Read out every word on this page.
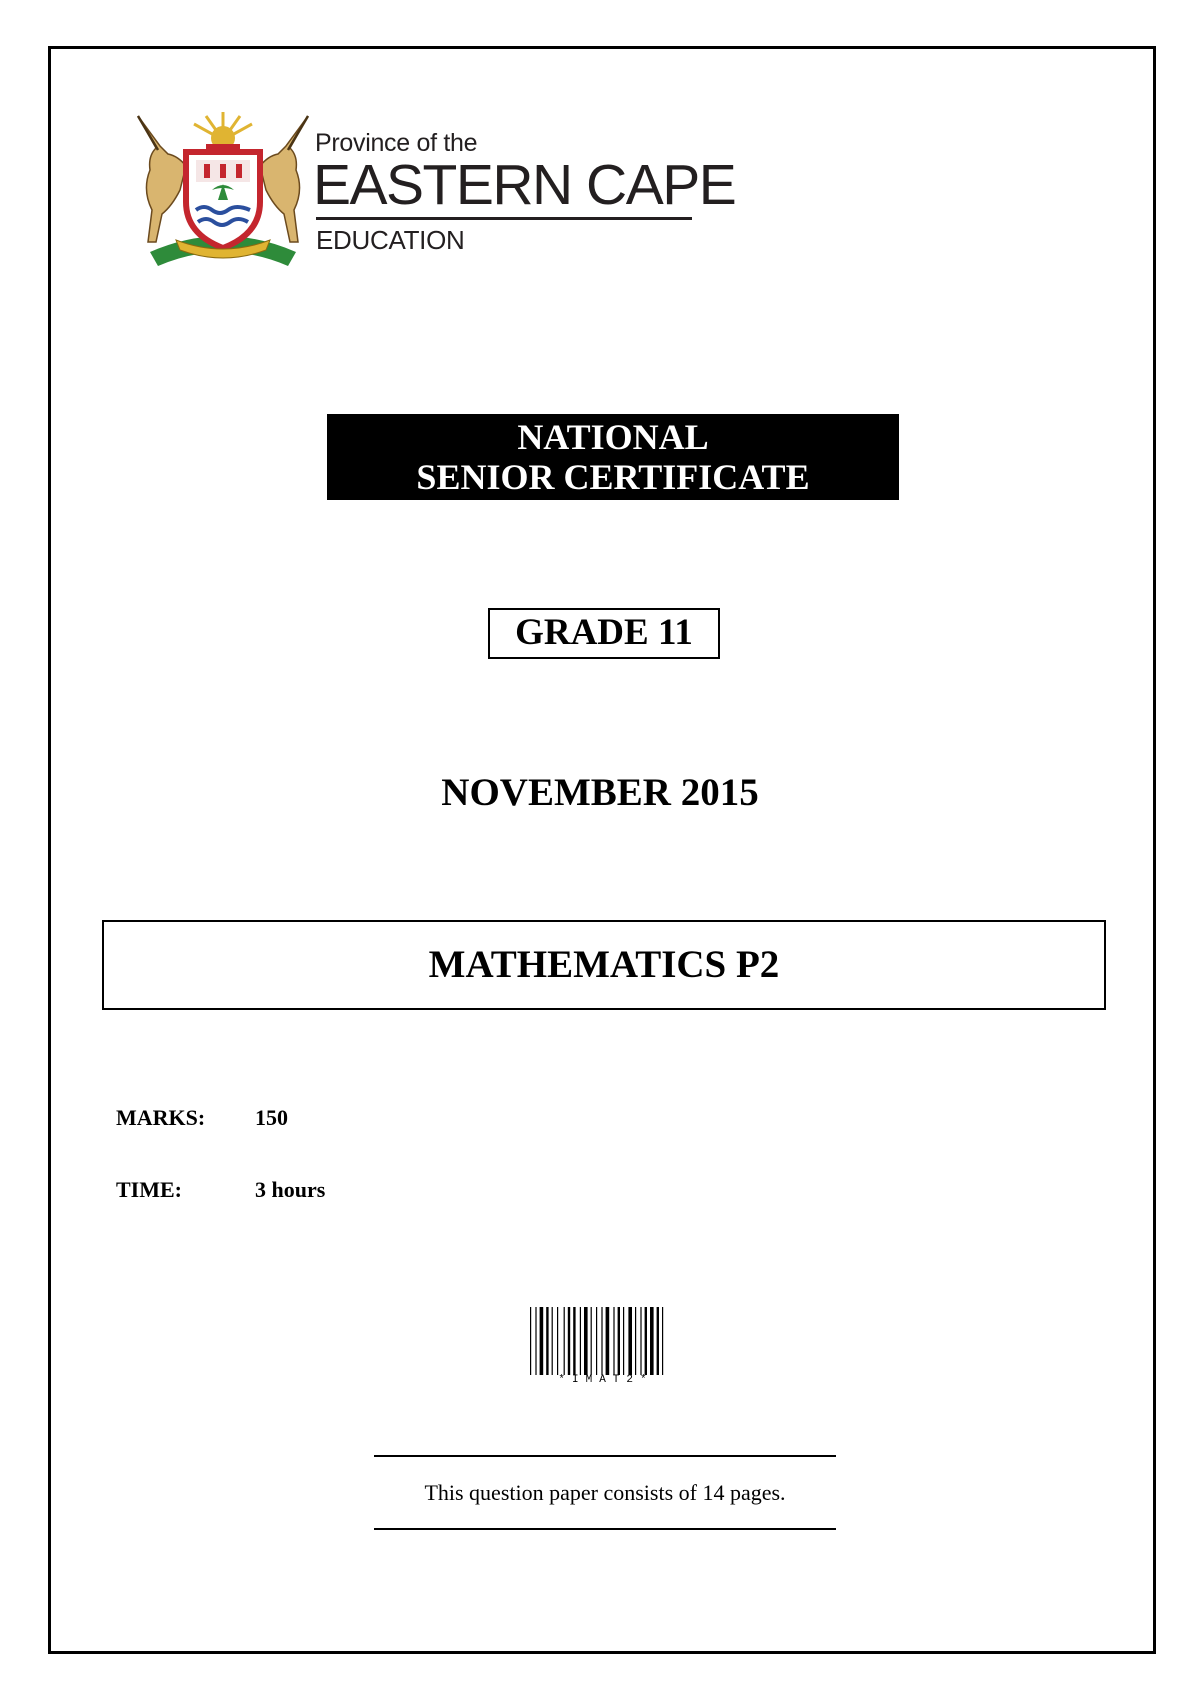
Province of the
EASTERN CAPE
EDUCATION
NATIONAL
SENIOR CERTIFICATE
GRADE 11
NOVEMBER 2015
MATHEMATICS P2
MARKS: 150
TIME:	3 hours
*IMAT2*
This question paper consists of 14 pages.
